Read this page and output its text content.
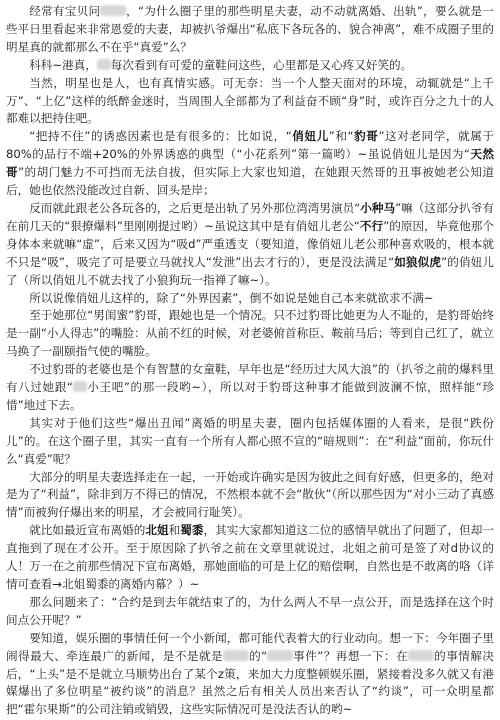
经常有宝贝问 ，“为什么圈子里的那些明星夫妻，动不动就离婚、出轨”，要么就是一些平日里看起来非常恩爱的夫妻，却被扒爷爆出“私底下各玩各的、貌合神离”，难不成圈子里的明星真的就都那么不在乎“真爱”么？

科科~港真， 每次看到有可爱的童鞋问这些，心里都是又心疼又好笑的。

当然，明星也是人，也有真情实感。可无奈：当一个人整天面对的环境，动辄就是“上千万”、“上亿”这样的纸醉金迷时，当周围人全部都为了利益奋不顾“身”时，或许百分之九十的人都难以把持住吧。

“把持不住”的诱惑因素也是有很多的：比如说，“俏妞儿”和“豹哥”这对老同学，就属于80%的品行不端+20%的外界诱惑的典型（“小花系列”第一篇哟）~虽说俏妞儿是因为“天然哥”的胡门魅力不可挡而无法自拔，但实际上大家也知道，在她跟天然哥的丑事被她老公知道后，她也依然没能改过自新、回头是岸；

反而就此跟老公各玩各的，之后更是出轨了另外那位湾湾男演员“小种马”嘛（这部分扒爷有在前几天的“狠撩爆料”里刚刚提过哟）~虽说这其中是有俏妞儿老公“不行”的原因，毕竟他那个身体本来就嘛“虚”，后来又因为“吸d”严重透支（要知道，像俏妞儿老公那种喜欢吸的，根本就不只是“吸”，吸完了可是要立马就找人“发泄”出去才行的），更是没法满足“如狼似虎”的俏妞儿了（所以俏妞儿不就去找了小狼狗玩一指禅了嘛~）。

所以说像俏妞儿这样的，除了“外界因素”，倒不如说是她自己本来就欲求不满~

至于她那位“男闺蜜”豹哥，跟她也是一个情况。只不过豹哥比她更为人不耻的，是豹哥始终是一副“小人得志”的嘴脸：从前不红的时候，对老婆俯首称臣、鞍前马后；等到自己红了，就立马换了一副颐指气使的嘴脸。

不过豹哥的老婆也是个有智慧的女童鞋，早年也是“经历过大风大浪”的（扒爷之前的爆料里有八过她跟“ 小王吧”的那一段哟~），所以对于豹哥这种事才能做到波澜不惊，照样能“珍惜”地过下去。

其实对于他们这些“爆出丑闻”离婚的明星夫妻，圈内包括媒体圈的人看来，是很“跌份儿”的。在这个圈子里，其实一直有一个所有人都心照不宣的“暗规则”：在“利益”面前，你玩什么“真爱”呢？

大部分的明星夫妻选择走在一起，一开始或许确实是因为彼此之间有好感，但更多的，绝对是为了“利益”，除非到万不得已的情况，不然根本就不会“散伙”（所以那些因为“对小三动了真感情”而被狗仔爆出来的明星，才会被同行耻笑）。

就比如最近宣布离婚的北姐和蜀黍，其实大家都知道这二位的感情早就出了问题了，但却一直拖到了现在才公开。至于原因除了扒爷之前在文章里就说过，北姐之前可是签了对d协议的人！万一在之前那些情况下宣布离婚，那她面临的可是上亿的赔偿啊，自然也是不敢离的咯（详情可查看→北姐蜀黍的离婚内幕？）~

那么问题来了：“合约是到去年就结束了的，为什么两人不早一点公开，而是选择在这个时间点公开呢？”

要知道，娱乐圈的事情任何一个小新闻，都可能代表着大的行业动向。想一下：今年圈子里闹得最大、牵连最广的新闻，是不是就是 的“ 事件”？再想一下：在 的事情解决后，“上头”是不是就立马顺势出台了某个z策，来加大力度整顿娱乐圈，紧接着没多久就又有港媒爆出了多位明星“被约谈”的消息？虽然之后有相关人员出来否认了“约谈”，可一众明星都把“霍尔果斯”的公司注销或销毁，这些实际情况可是没法否认的哟~
